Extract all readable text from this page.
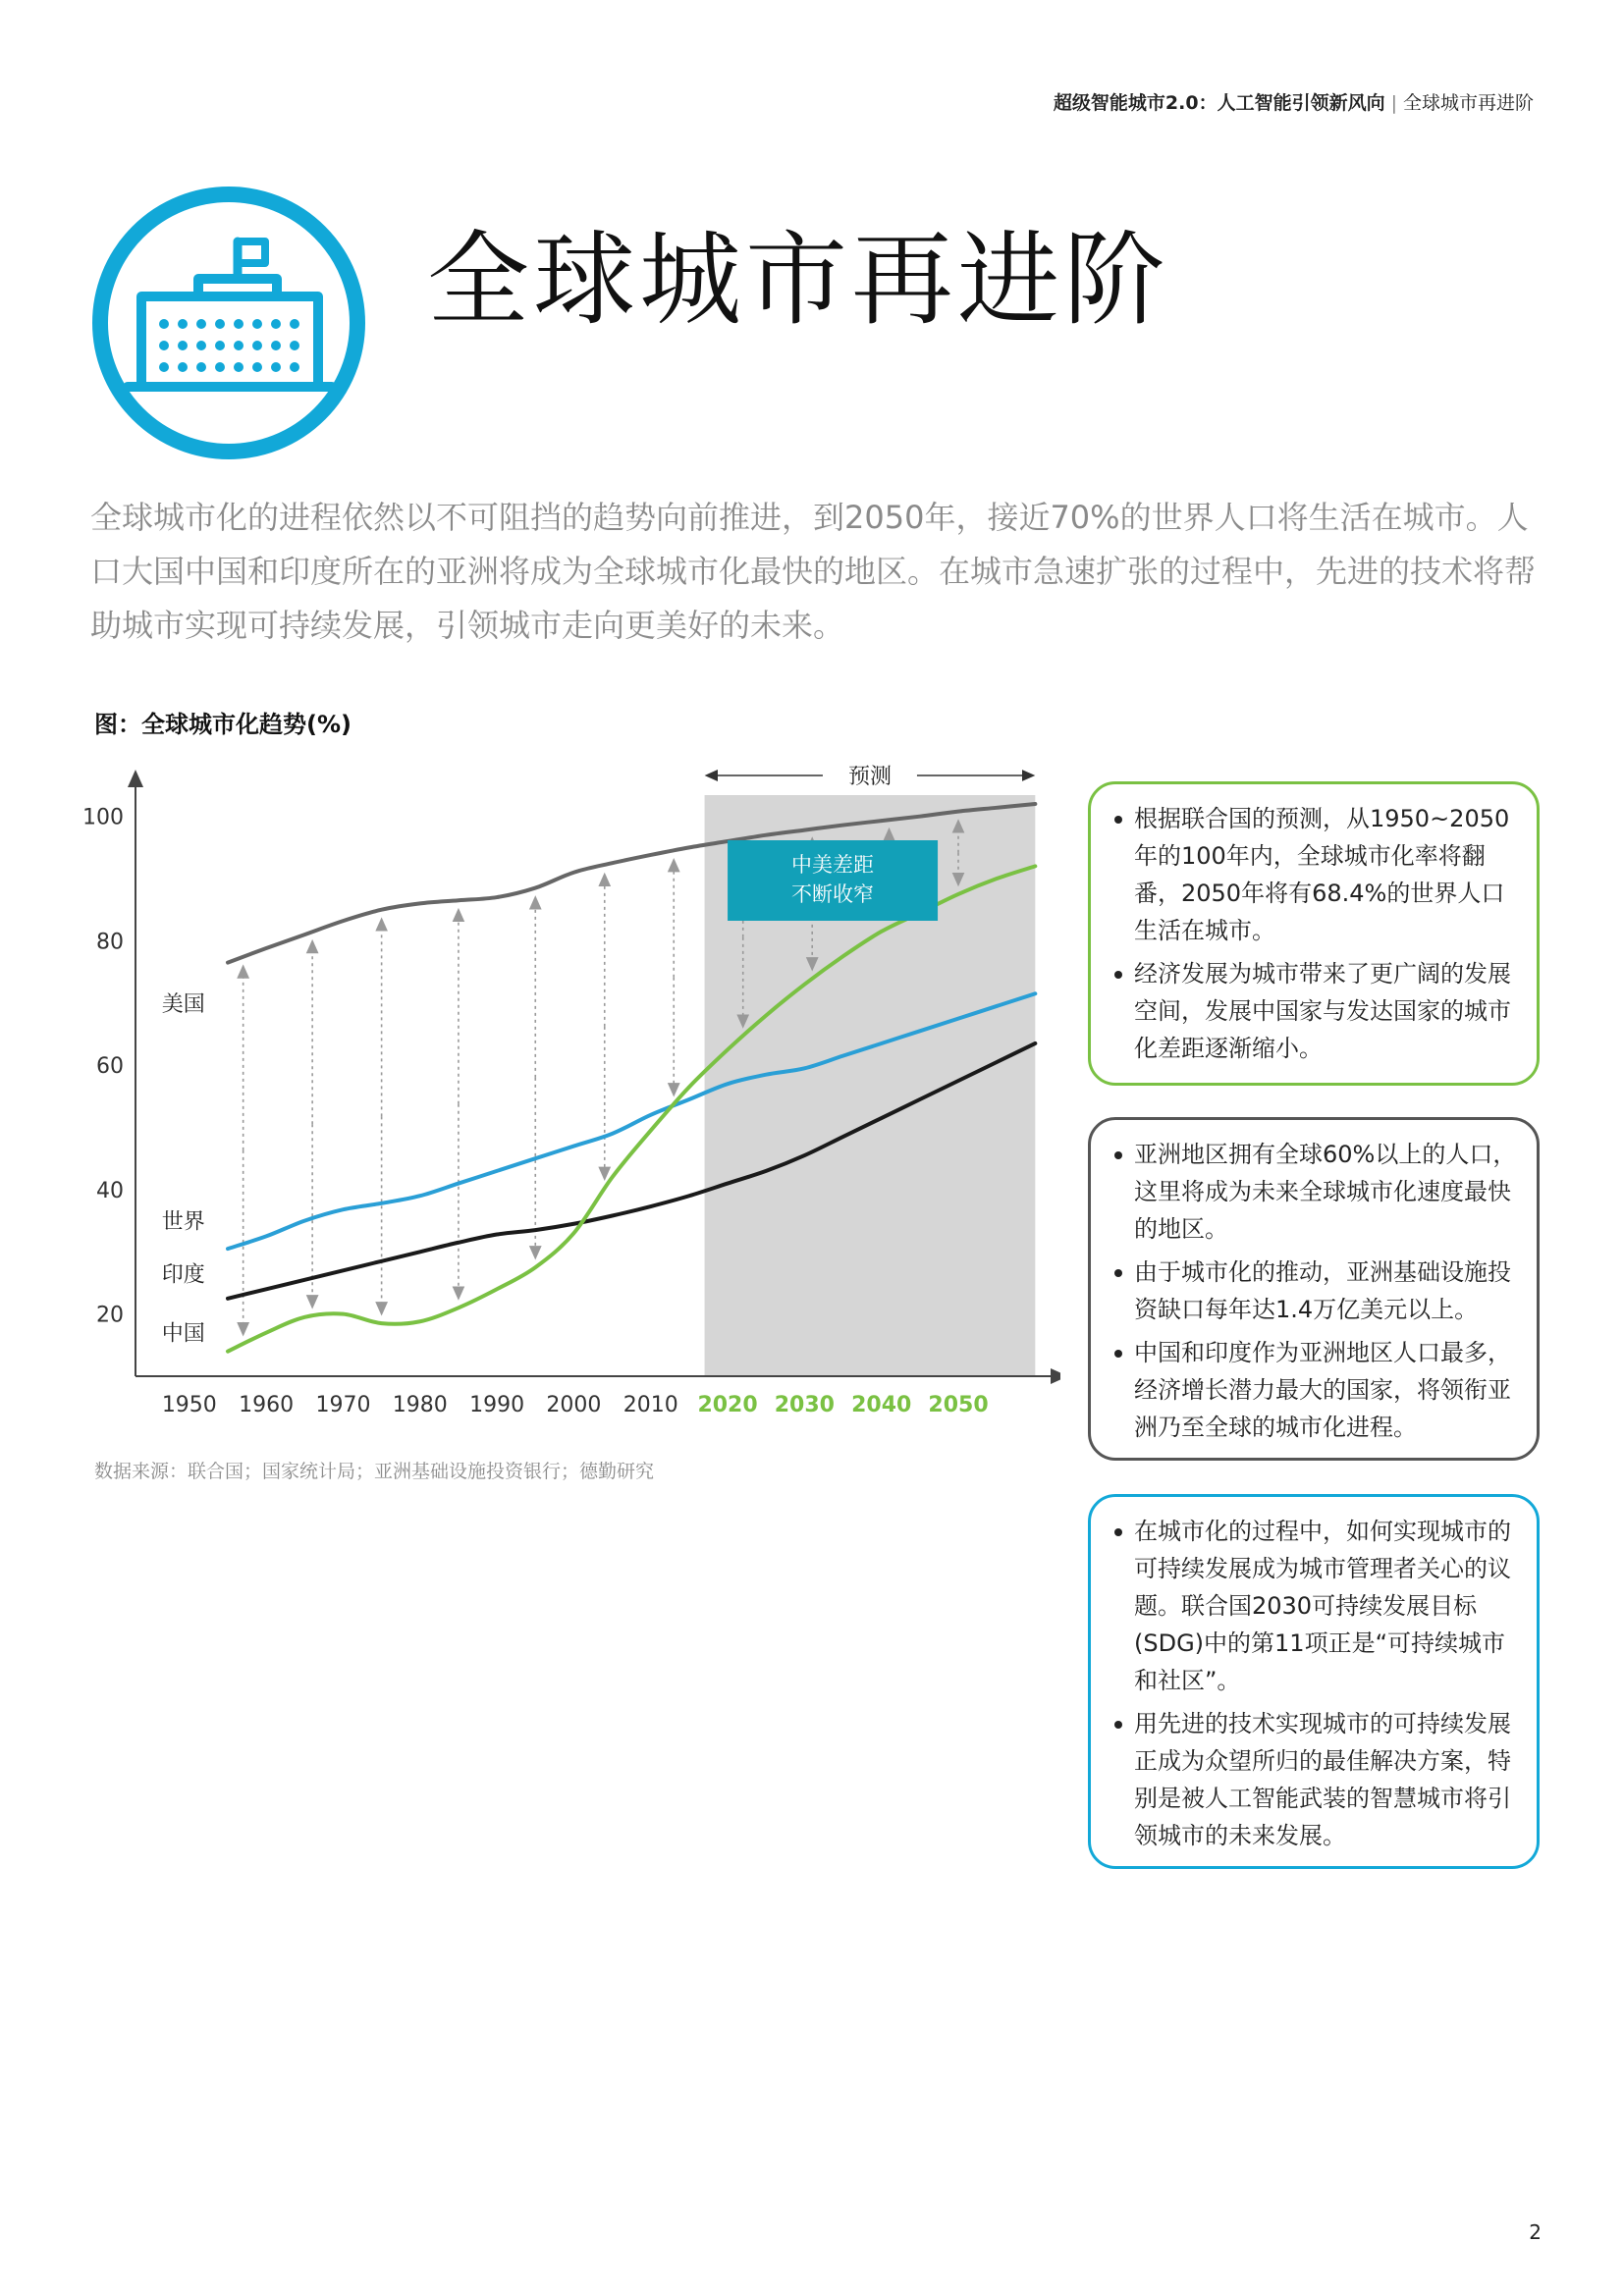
超级智能城市2.0：人工智能引领新风向 | 全球城市再进阶
全球城市再进阶

全球城市化的进程依然以不可阻挡的趋势向前推进，到2050年，接近70%的世界人口将生活在城市。人口大国中国和印度所在的亚洲将成为全球城市化最快的地区。在城市急速扩张的过程中，先进的技术将帮助城市实现可持续发展，引领城市走向更美好的未来。

图：全球城市化趋势(%)
预测
20
40
60
80
100
1950 1960 1970 1980 1990 2000 2010 2020 2030 2040 2050
美国
世界
印度
中国
中美差距
不断收窄
数据来源：联合国；国家统计局；亚洲基础设施投资银行；德勤研究
根据联合国的预测，从1950~2050年的100年内，全球城市化率将翻番，2050年将有68.4%的世界人口生活在城市。
经济发展为城市带来了更广阔的发展空间，发展中国家与发达国家的城市化差距逐渐缩小。
亚洲地区拥有全球60%以上的人口，这里将成为未来全球城市化速度最快的地区。
由于城市化的推动，亚洲基础设施投资缺口每年达1.4万亿美元以上。
中国和印度作为亚洲地区人口最多，经济增长潜力最大的国家，将领衔亚洲乃至全球的城市化进程。
在城市化的过程中，如何实现城市的可持续发展成为城市管理者关心的议题。联合国2030可持续发展目标(SDG)中的第11项正是“可持续城市和社区”。
用先进的技术实现城市的可持续发展正成为众望所归的最佳解决方案，特别是被人工智能武装的智慧城市将引领城市的未来发展。
2
